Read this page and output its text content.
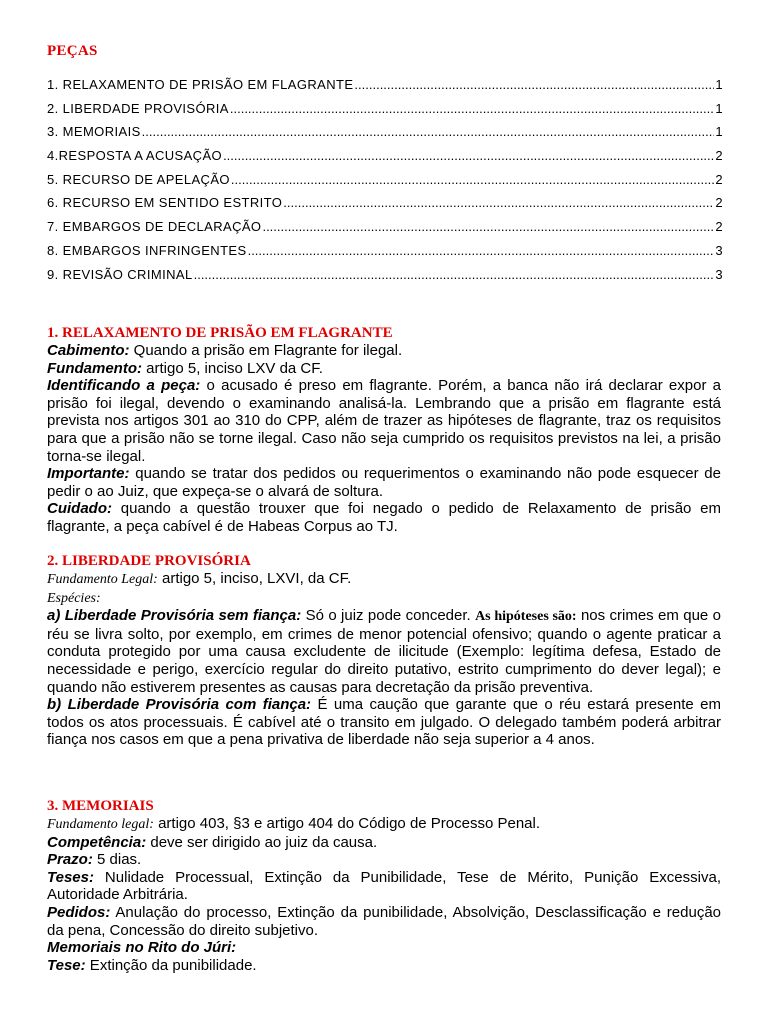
PEÇAS
1. RELAXAMENTO DE PRISÃO EM FLAGRANTE .....	1
2. LIBERDADE PROVISÓRIA .....	1
3. MEMORIAIS .....	1
4.RESPOSTA A ACUSAÇÃO .....	2
5. RECURSO DE APELAÇÃO .....	2
6. RECURSO EM SENTIDO ESTRITO .....	2
7. EMBARGOS DE DECLARAÇÃO .....	2
8. EMBARGOS INFRINGENTES .....	3
9. REVISÃO CRIMINAL .....	3
1. RELAXAMENTO DE PRISÃO EM FLAGRANTE

Cabimento: Quando a prisão em Flagrante for ilegal.

Fundamento: artigo 5, inciso LXV da CF.

Identificando a peça: o acusado é preso em flagrante. Porém, a banca não irá declarar expor a prisão foi ilegal, devendo o examinando analisá-la. Lembrando que a prisão em flagrante está prevista nos artigos 301 ao 310 do CPP, além de trazer as hipóteses de flagrante, traz os requisitos para que a prisão não se torne ilegal. Caso não seja cumprido os requisitos previstos na lei, a prisão torna-se ilegal.

Importante: quando se tratar dos pedidos ou requerimentos o examinando não pode esquecer de pedir o ao Juiz, que expeça-se o alvará de soltura.

Cuidado: quando a questão trouxer que foi negado o pedido de Relaxamento de prisão em flagrante, a peça cabível é de Habeas Corpus ao TJ.

2. LIBERDADE PROVISÓRIA

Fundamento Legal: artigo 5, inciso, LXVI, da CF.

Espécies:

a) Liberdade Provisória sem fiança: Só o juiz pode conceder. As hipóteses são: nos crimes em que o réu se livra solto, por exemplo, em crimes de menor potencial ofensivo; quando o agente praticar a conduta protegido por uma causa excludente de ilicitude (Exemplo: legítima defesa, Estado de necessidade e perigo, exercício regular do direito putativo, estrito cumprimento do dever legal); e quando não estiverem presentes as causas para decretação da prisão preventiva.

b) Liberdade Provisória com fiança: É uma caução que garante que o réu estará presente em todos os atos processuais. É cabível até o transito em julgado. O delegado também poderá arbitrar fiança nos casos em que a pena privativa de liberdade não seja superior a 4 anos.

3. MEMORIAIS

Fundamento legal: artigo 403, §3 e artigo 404 do Código de Processo Penal.

Competência: deve ser dirigido ao juiz da causa.

Prazo: 5 dias.

Teses: Nulidade Processual, Extinção da Punibilidade, Tese de Mérito, Punição Excessiva, Autoridade Arbitrária.

Pedidos: Anulação do processo, Extinção da punibilidade, Absolvição, Desclassificação e redução da pena, Concessão do direito subjetivo.

Memoriais no Rito do Júri:

Tese: Extinção da punibilidade.
